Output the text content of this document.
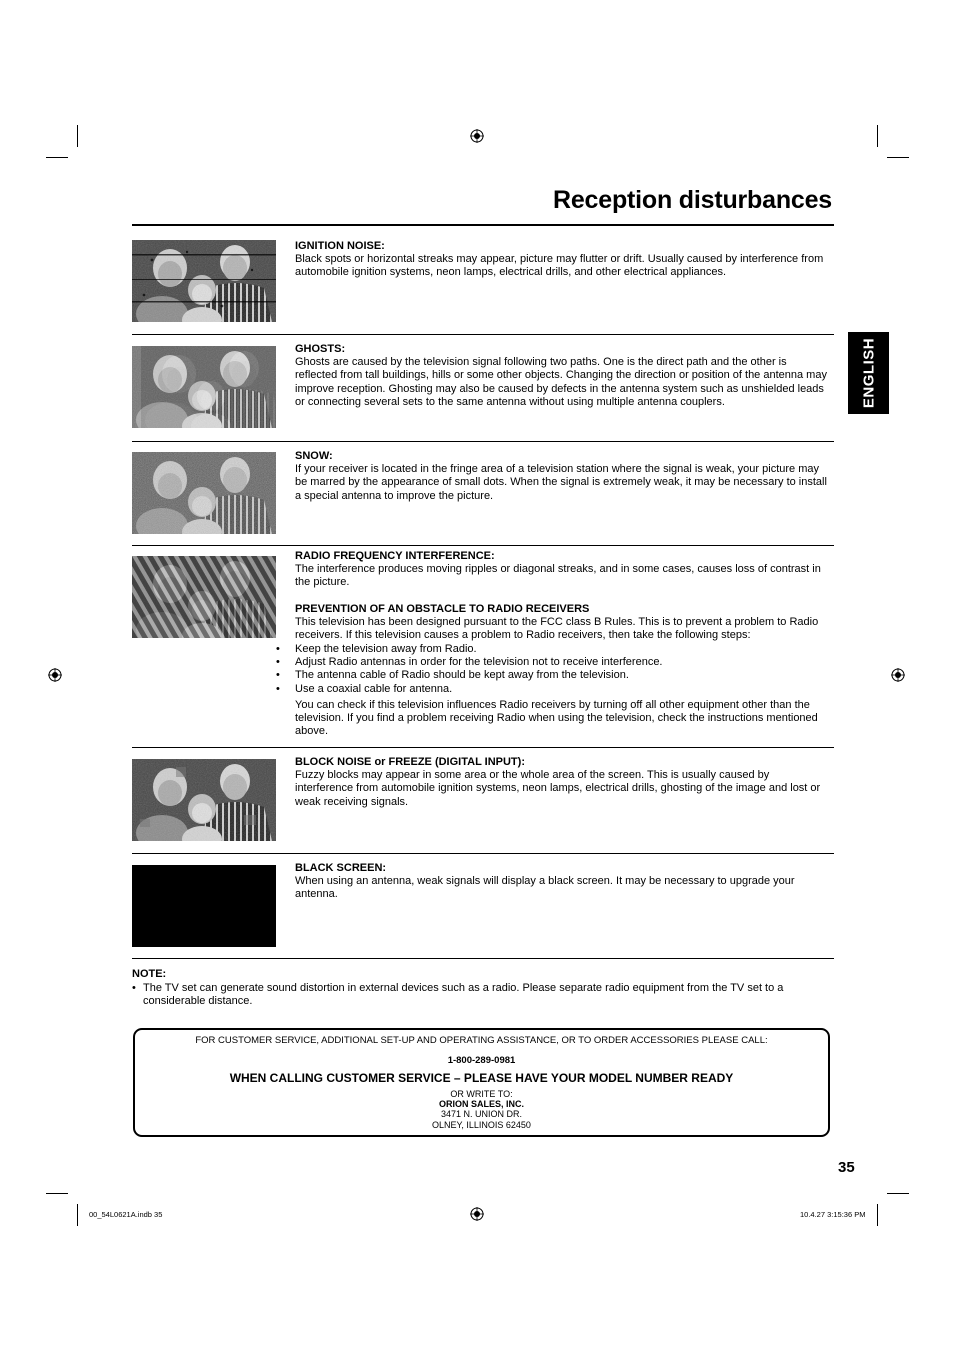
Reception disturbances
ENGLISH

IGNITION NOISE:

Black spots or horizontal streaks may appear, picture may flutter or drift. Usually caused by interference from automobile ignition systems, neon lamps, electrical drills, and other electrical appliances.

GHOSTS:

Ghosts are caused by the television signal following two paths. One is the direct path and the other is reflected from tall buildings, hills or some other objects. Changing the direction or position of the antenna may improve reception. Ghosting may also be caused by defects in the antenna system such as unshielded leads or connecting several sets to the same antenna without using multiple antenna couplers.

SNOW:

If your receiver is located in the fringe area of a television station where the signal is weak, your picture may be marred by the appearance of small dots. When the signal is extremely weak, it may be necessary to install a special antenna to improve the picture.

RADIO FREQUENCY INTERFERENCE:

The interference produces moving ripples or diagonal streaks, and in some cases, causes loss of contrast in the picture.

PREVENTION OF AN OBSTACLE TO RADIO RECEIVERS

This television has been designed pursuant to the FCC class B Rules. This is to prevent a problem to Radio receivers. If this television causes a problem to Radio receivers, then take the following steps:

• Keep the television away from Radio.
• Adjust Radio antennas in order for the television not to receive interference.
• The antenna cable of Radio should be kept away from the television.
• Use a coaxial cable for antenna.

You can check if this television influences Radio receivers by turning off all other equipment other than the television. If you find a problem receiving Radio when using the television, check the instructions mentioned above.

BLOCK NOISE or FREEZE (DIGITAL INPUT):

Fuzzy blocks may appear in some area or the whole area of the screen. This is usually caused by interference from automobile ignition systems, neon lamps, electrical drills, ghosting of the image and lost or weak receiving signals.

BLACK SCREEN:

When using an antenna, weak signals will display a black screen. It may be necessary to upgrade your antenna.

NOTE:
• The TV set can generate sound distortion in external devices such as a radio. Please separate radio equipment from the TV set to a considerable distance.
FOR CUSTOMER SERVICE, ADDITIONAL SET-UP AND OPERATING ASSISTANCE, OR TO ORDER ACCESSORIES PLEASE CALL:
1-800-289-0981
WHEN CALLING CUSTOMER SERVICE – PLEASE HAVE YOUR MODEL NUMBER READY
OR WRITE TO:
ORION SALES, INC.
3471 N. UNION DR.
OLNEY, ILLINOIS 62450
35
00_54L0621A.indb 35	10.4.27 3:15:36 PM
